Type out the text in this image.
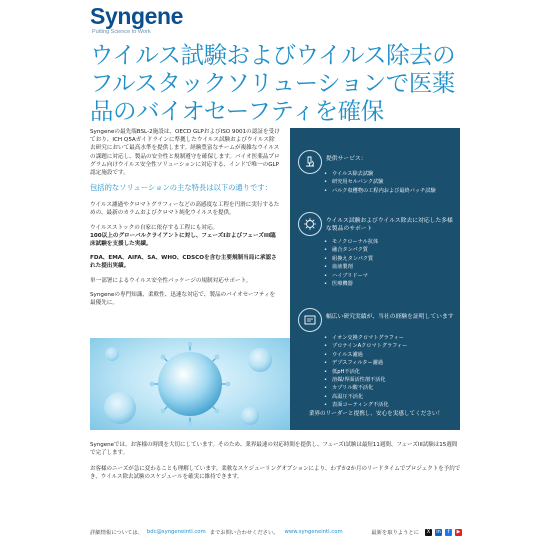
Syngene
Putting Science to Work
ウイルス試験およびウイルス除去のフルスタックソリューションで医薬品のバイオセーフティを確保

Syngeneの最先端BSL-2施設は、OECD GLPおよびISO 9001の認証を受けており、ICH Q5Aガイドラインに準拠したウイルス試験およびウイルス除去研究において最高水準を提供します。経験豊富なチームが複雑なウイルスの課題に対応し、製品の安全性と規制遵守を確保します。バイオ医薬品プログラム向けウイルス安全性ソリューションに対応する、インドで唯一のGLP認定施設です。

包括的なソリューションの主な特長は以下の通りです：

ウイルス濾過やクロマトグラフィーなどの高感度な工程を円滑に実行するための、最新のカラムおよびクロマト純化ウイルスを提供。

ウイルスストックの自家に依存する工程にも対応。
100以上のグローバルクライアントに対し、フェーズIおよびフェーズIII臨床試験を支援した実績。

FDA、EMA、AIFA、SA、WHO、CDSCOを含む主要規制当局に承認された提出実績。

単一部署によるウイルス安全性パッケージの規制対応サポート。

Syngeneの専門知識、柔軟性、迅速な対応で、製品のバイオセーフティを最優先に。

提供サービス：
• ウイルス除去試験
• 研究用セルバンク試験
• バルク収穫物の工程内および最終バッチ試験
ウイルス試験およびウイルス除去に対応した多様な製品のサポート
• モノクローナル抗体
• 融合タンパク質
• 組換えタンパク質
• 血液製剤
• ハイブリドーマ
• 医療機器
幅広い研究実績が、当社の経験を証明しています
• イオン交換クロマトグラフィー
• プロテインAクロマトグラフィー
• ウイルス濾過
• デプスフィルター濾過
• 低pH不活化
• 溶媒/界面活性剤不活化
• カプリル酸不活化
• 高温圧不活化
• 表面コーティング不活化
業界のリーダーと提携し、安心を実感してください！

Syngeneでは、お客様の時間を大切にしています。そのため、業界最速の対応時間を提供し、フェーズI試験は最短11週間、フェーズIII試験は15週間で完了します。

お客様のニーズが急に変わることも理解しています。柔軟なスケジューリングオプションにより、わずか2か月のリードタイムでプロジェクトを予約でき、ウイルス除去試験のスケジュールを確実に維持できます。

詳細情報については、 bdc@syngeneintl.com までお問い合わせください。 www.syngeneintl.com	最新を取りようとに	X	in	f	▶
